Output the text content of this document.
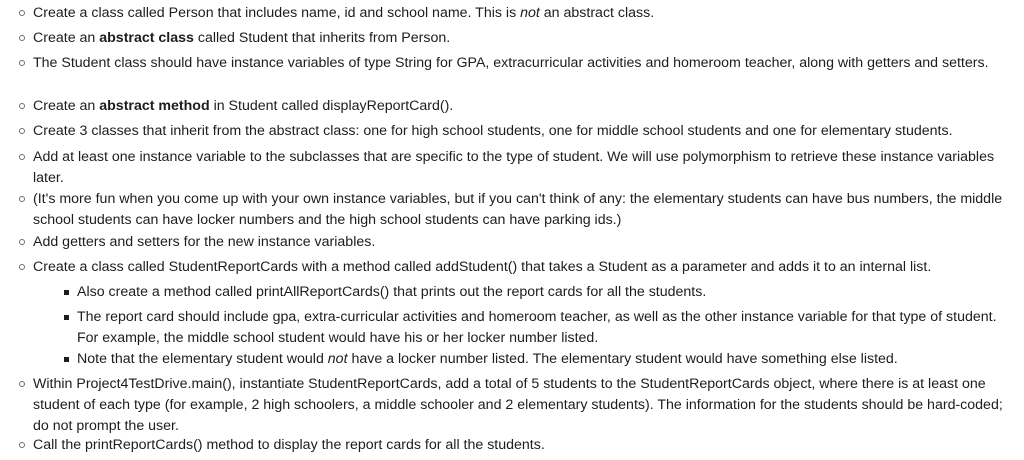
Create a class called Person that includes name, id and school name. This is not an abstract class.
Create an abstract class called Student that inherits from Person.
The Student class should have instance variables of type String for GPA, extracurricular activities and homeroom teacher, along with getters and setters.
Create an abstract method in Student called displayReportCard().
Create 3 classes that inherit from the abstract class: one for high school students, one for middle school students and one for elementary students.
Add at least one instance variable to the subclasses that are specific to the type of student. We will use polymorphism to retrieve these instance variables later.
(It's more fun when you come up with your own instance variables, but if you can't think of any: the elementary students can have bus numbers, the middle school students can have locker numbers and the high school students can have parking ids.)
Add getters and setters for the new instance variables.
Create a class called StudentReportCards with a method called addStudent() that takes a Student as a parameter and adds it to an internal list.
Also create a method called printAllReportCards() that prints out the report cards for all the students.
The report card should include gpa, extra-curricular activities and homeroom teacher, as well as the other instance variable for that type of student. For example, the middle school student would have his or her locker number listed.
Note that the elementary student would not have a locker number listed. The elementary student would have something else listed.
Within Project4TestDrive.main(), instantiate StudentReportCards, add a total of 5 students to the StudentReportCards object, where there is at least one student of each type (for example, 2 high schoolers, a middle schooler and 2 elementary students). The information for the students should be hard-coded; do not prompt the user.
Call the printReportCards() method to display the report cards for all the students.
